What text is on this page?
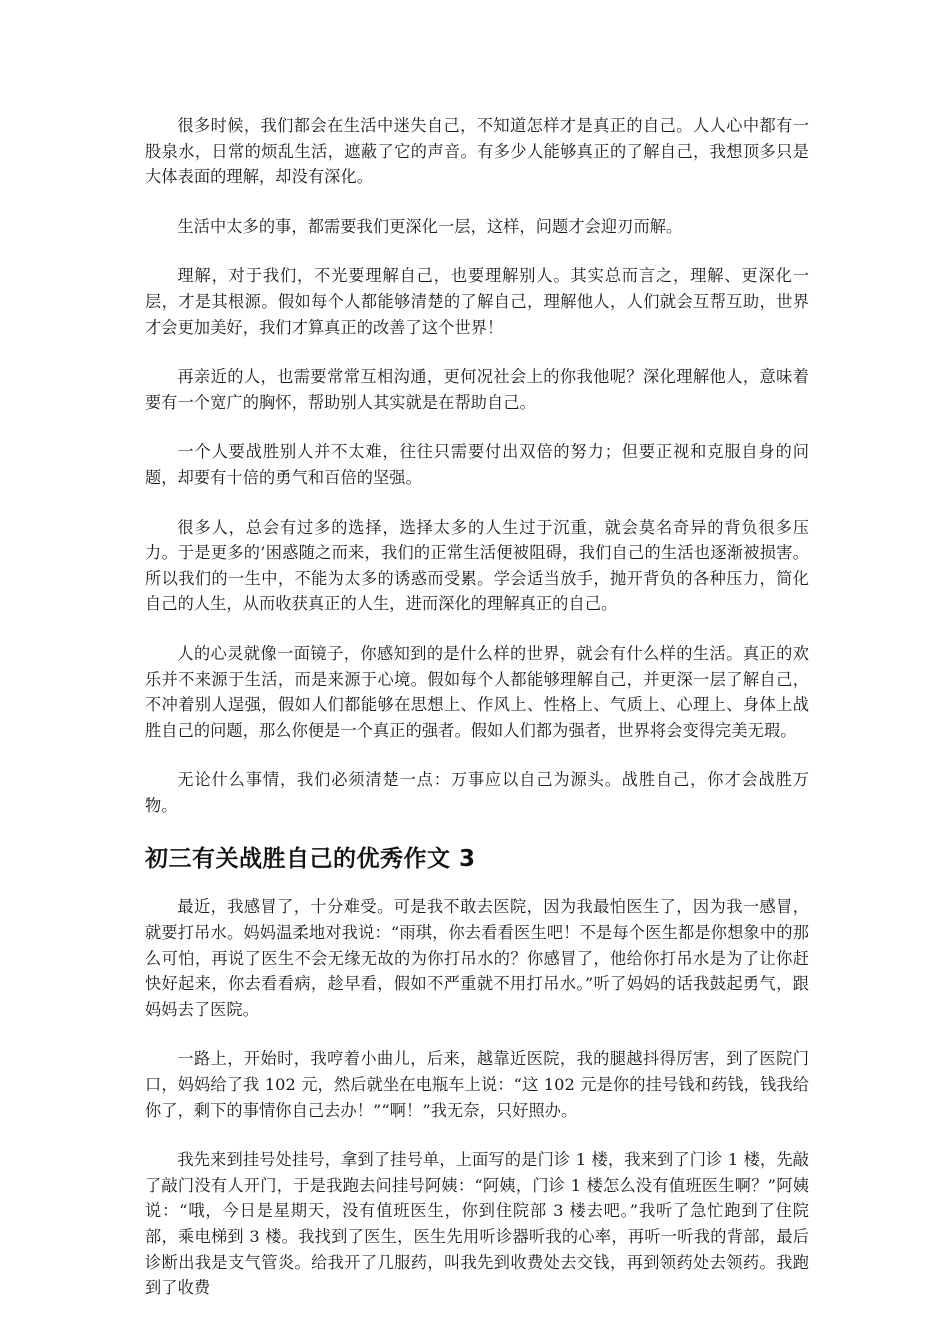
很多时候，我们都会在生活中迷失自己，不知道怎样才是真正的自己。人人心中都有一股泉水，日常的烦乱生活，遮蔽了它的声音。有多少人能够真正的了解自己，我想顶多只是大体表面的理解，却没有深化。

生活中太多的事，都需要我们更深化一层，这样，问题才会迎刃而解。

理解，对于我们，不光要理解自己，也要理解别人。其实总而言之，理解、更深化一层，才是其根源。假如每个人都能够清楚的了解自己，理解他人，人们就会互帮互助，世界才会更加美好，我们才算真正的改善了这个世界！

再亲近的人，也需要常常互相沟通，更何况社会上的你我他呢？深化理解他人，意味着要有一个宽广的胸怀，帮助别人其实就是在帮助自己。

一个人要战胜别人并不太难，往往只需要付出双倍的努力；但要正视和克服自身的问题，却要有十倍的勇气和百倍的坚强。

很多人，总会有过多的选择，选择太多的人生过于沉重，就会莫名奇异的背负很多压力。于是更多的’困惑随之而来，我们的正常生活便被阻碍，我们自己的生活也逐渐被损害。所以我们的一生中，不能为太多的诱惑而受累。学会适当放手，抛开背负的各种压力，简化自己的人生，从而收获真正的人生，进而深化的理解真正的自己。

人的心灵就像一面镜子，你感知到的是什么样的世界，就会有什么样的生活。真正的欢乐并不来源于生活，而是来源于心境。假如每个人都能够理解自己，并更深一层了解自己，不冲着别人逞强，假如人们都能够在思想上、作风上、性格上、气质上、心理上、身体上战胜自己的问题，那么你便是一个真正的强者。假如人们都为强者，世界将会变得完美无瑕。

无论什么事情，我们必须清楚一点：万事应以自己为源头。战胜自己，你才会战胜万物。

初三有关战胜自己的优秀作文 3

最近，我感冒了，十分难受。可是我不敢去医院，因为我最怕医生了，因为我一感冒，就要打吊水。妈妈温柔地对我说：“雨琪，你去看看医生吧！不是每个医生都是你想象中的那么可怕，再说了医生不会无缘无故的为你打吊水的？你感冒了，他给你打吊水是为了让你赶快好起来，你去看看病，趁早看，假如不严重就不用打吊水。”听了妈妈的话我鼓起勇气，跟妈妈去了医院。

一路上，开始时，我哼着小曲儿，后来，越靠近医院，我的腿越抖得厉害，到了医院门口，妈妈给了我 102 元，然后就坐在电瓶车上说：“这 102 元是你的挂号钱和药钱，钱我给你了，剩下的事情你自己去办！”“啊！”我无奈，只好照办。

我先来到挂号处挂号，拿到了挂号单，上面写的是门诊 1 楼，我来到了门诊 1 楼，先敲了敲门没有人开门，于是我跑去问挂号阿姨：“阿姨，门诊 1 楼怎么没有值班医生啊？”阿姨说：“哦，今日是星期天，没有值班医生，你到住院部 3 楼去吧。”我听了急忙跑到了住院部，乘电梯到 3 楼。我找到了医生，医生先用听诊器听我的心率，再听一听我的背部，最后诊断出我是支气管炎。给我开了几服药，叫我先到收费处去交钱，再到领药处去领药。我跑到了收费
